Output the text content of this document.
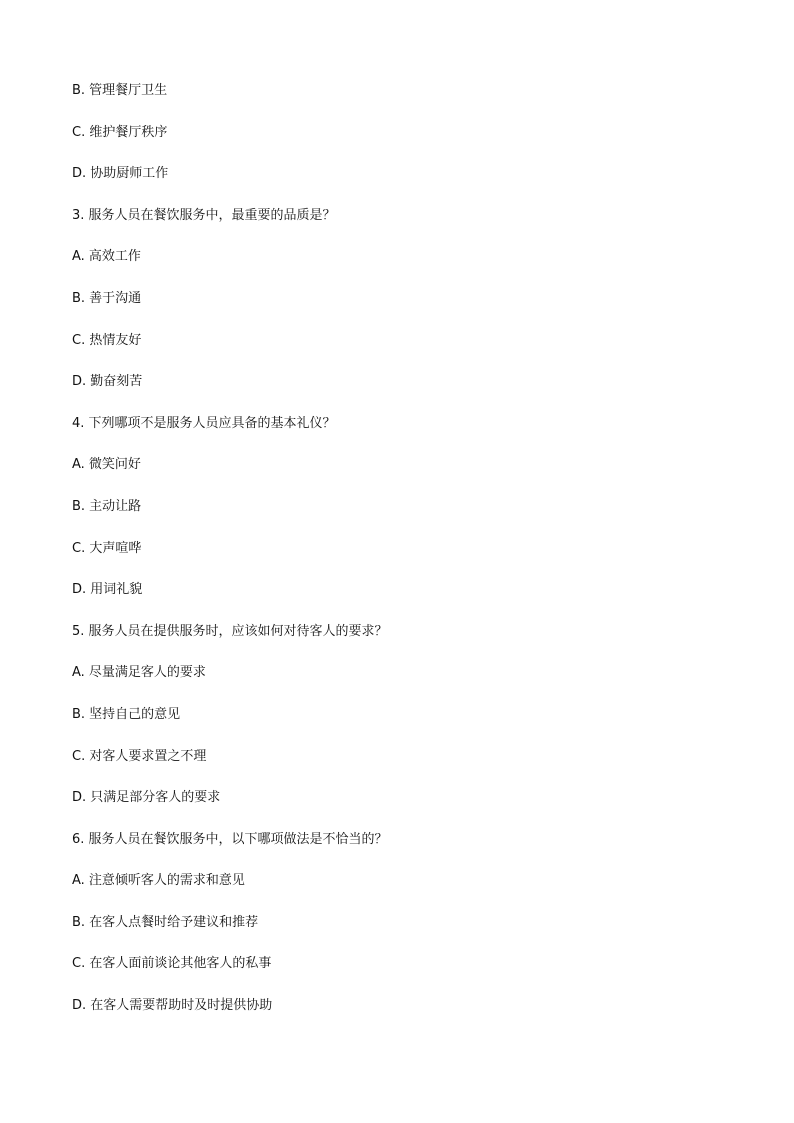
B. 管理餐厅卫生
C. 维护餐厅秩序
D. 协助厨师工作
3. 服务人员在餐饮服务中，最重要的品质是？
A. 高效工作
B. 善于沟通
C. 热情友好
D. 勤奋刻苦
4. 下列哪项不是服务人员应具备的基本礼仪？
A. 微笑问好
B. 主动让路
C. 大声喧哗
D. 用词礼貌
5. 服务人员在提供服务时，应该如何对待客人的要求？
A. 尽量满足客人的要求
B. 坚持自己的意见
C. 对客人要求置之不理
D. 只满足部分客人的要求
6. 服务人员在餐饮服务中，以下哪项做法是不恰当的？
A. 注意倾听客人的需求和意见
B. 在客人点餐时给予建议和推荐
C. 在客人面前谈论其他客人的私事
D. 在客人需要帮助时及时提供协助
